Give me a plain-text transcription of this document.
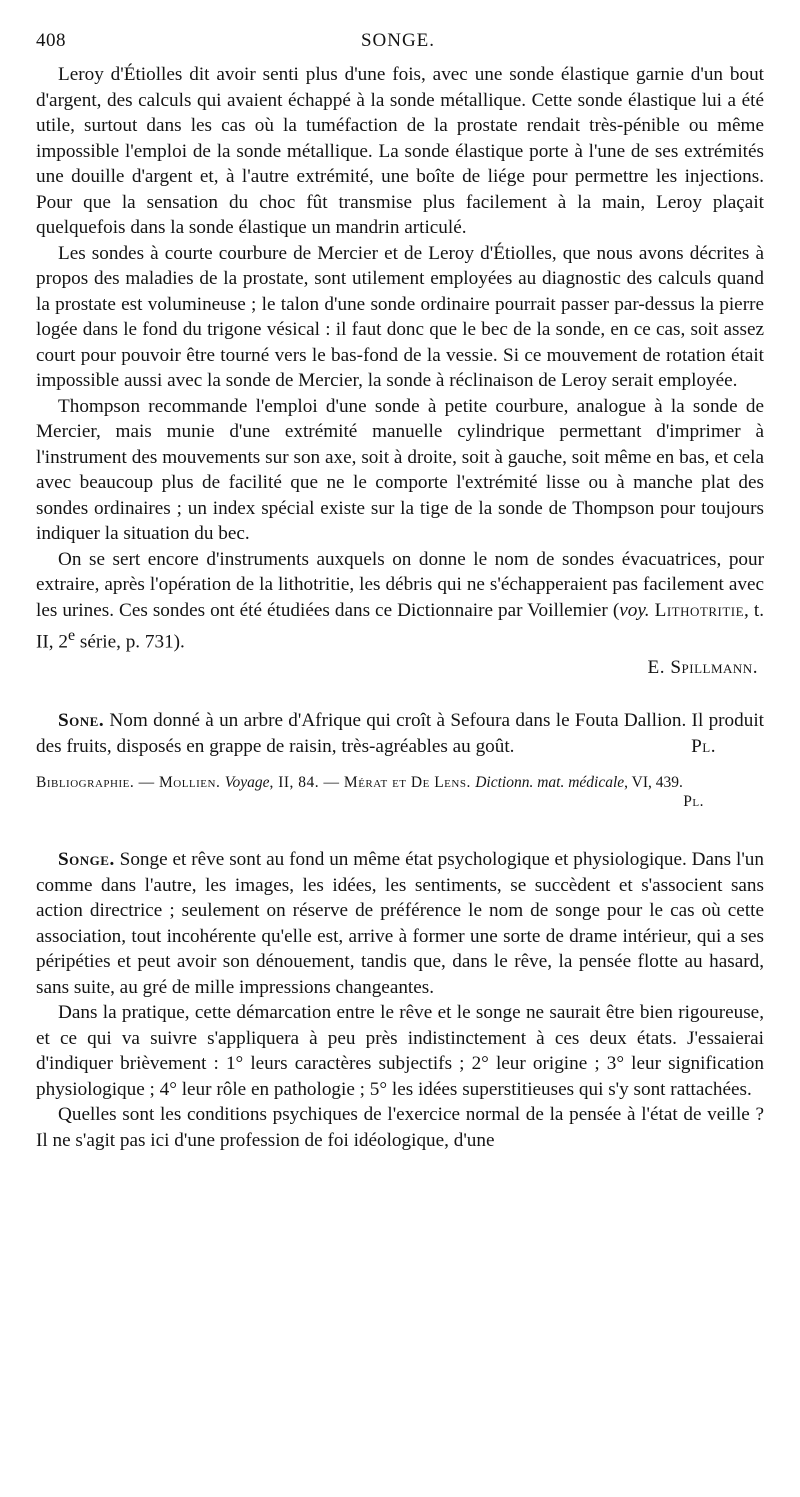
408	SONGE.

Leroy d'Étiolles dit avoir senti plus d'une fois, avec une sonde élastique garnie d'un bout d'argent, des calculs qui avaient échappé à la sonde métallique. Cette sonde élastique lui a été utile, surtout dans les cas où la tuméfaction de la prostate rendait très-pénible ou même impossible l'emploi de la sonde métallique. La sonde élastique porte à l'une de ses extrémités une douille d'argent et, à l'autre extrémité, une boîte de liége pour permettre les injections. Pour que la sensation du choc fût transmise plus facilement à la main, Leroy plaçait quelquefois dans la sonde élastique un mandrin articulé.

Les sondes à courte courbure de Mercier et de Leroy d'Étiolles, que nous avons décrites à propos des maladies de la prostate, sont utilement employées au diagnostic des calculs quand la prostate est volumineuse ; le talon d'une sonde ordinaire pourrait passer par-dessus la pierre logée dans le fond du trigone vésical : il faut donc que le bec de la sonde, en ce cas, soit assez court pour pouvoir être tourné vers le bas-fond de la vessie. Si ce mouvement de rotation était impossible aussi avec la sonde de Mercier, la sonde à réclinaison de Leroy serait employée.

Thompson recommande l'emploi d'une sonde à petite courbure, analogue à la sonde de Mercier, mais munie d'une extrémité manuelle cylindrique permettant d'imprimer à l'instrument des mouvements sur son axe, soit à droite, soit à gauche, soit même en bas, et cela avec beaucoup plus de facilité que ne le comporte l'extrémité lisse ou à manche plat des sondes ordinaires ; un index spécial existe sur la tige de la sonde de Thompson pour toujours indiquer la situation du bec.

On se sert encore d'instruments auxquels on donne le nom de sondes évacuatrices, pour extraire, après l'opération de la lithotritie, les débris qui ne s'échapperaient pas facilement avec les urines. Ces sondes ont été étudiées dans ce Dictionnaire par Voillemier (voy. Lithotritie, t. II, 2e série, p. 731).

E. Spillmann.

Sone. Nom donné à un arbre d'Afrique qui croît à Sefoura dans le Fouta Dallion. Il produit des fruits, disposés en grappe de raisin, très-agréables au goût.	Pl.

Bibliographie. — Mollien. Voyage, II, 84. — Mérat et De Lens. Dictionn. mat. médicale, VI, 439.
Pl.

Songe. Songe et rêve sont au fond un même état psychologique et physiologique. Dans l'un comme dans l'autre, les images, les idées, les sentiments, se succèdent et s'associent sans action directrice ; seulement on réserve de préférence le nom de songe pour le cas où cette association, tout incohérente qu'elle est, arrive à former une sorte de drame intérieur, qui a ses péripéties et peut avoir son dénouement, tandis que, dans le rêve, la pensée flotte au hasard, sans suite, au gré de mille impressions changeantes.

Dans la pratique, cette démarcation entre le rêve et le songe ne saurait être bien rigoureuse, et ce qui va suivre s'appliquera à peu près indistinctement à ces deux états. J'essaierai d'indiquer brièvement : 1° leurs caractères subjectifs ; 2° leur origine ; 3° leur signification physiologique ; 4° leur rôle en pathologie ; 5° les idées superstitieuses qui s'y sont rattachées.

Quelles sont les conditions psychiques de l'exercice normal de la pensée à l'état de veille ? Il ne s'agit pas ici d'une profession de foi idéologique, d'une
